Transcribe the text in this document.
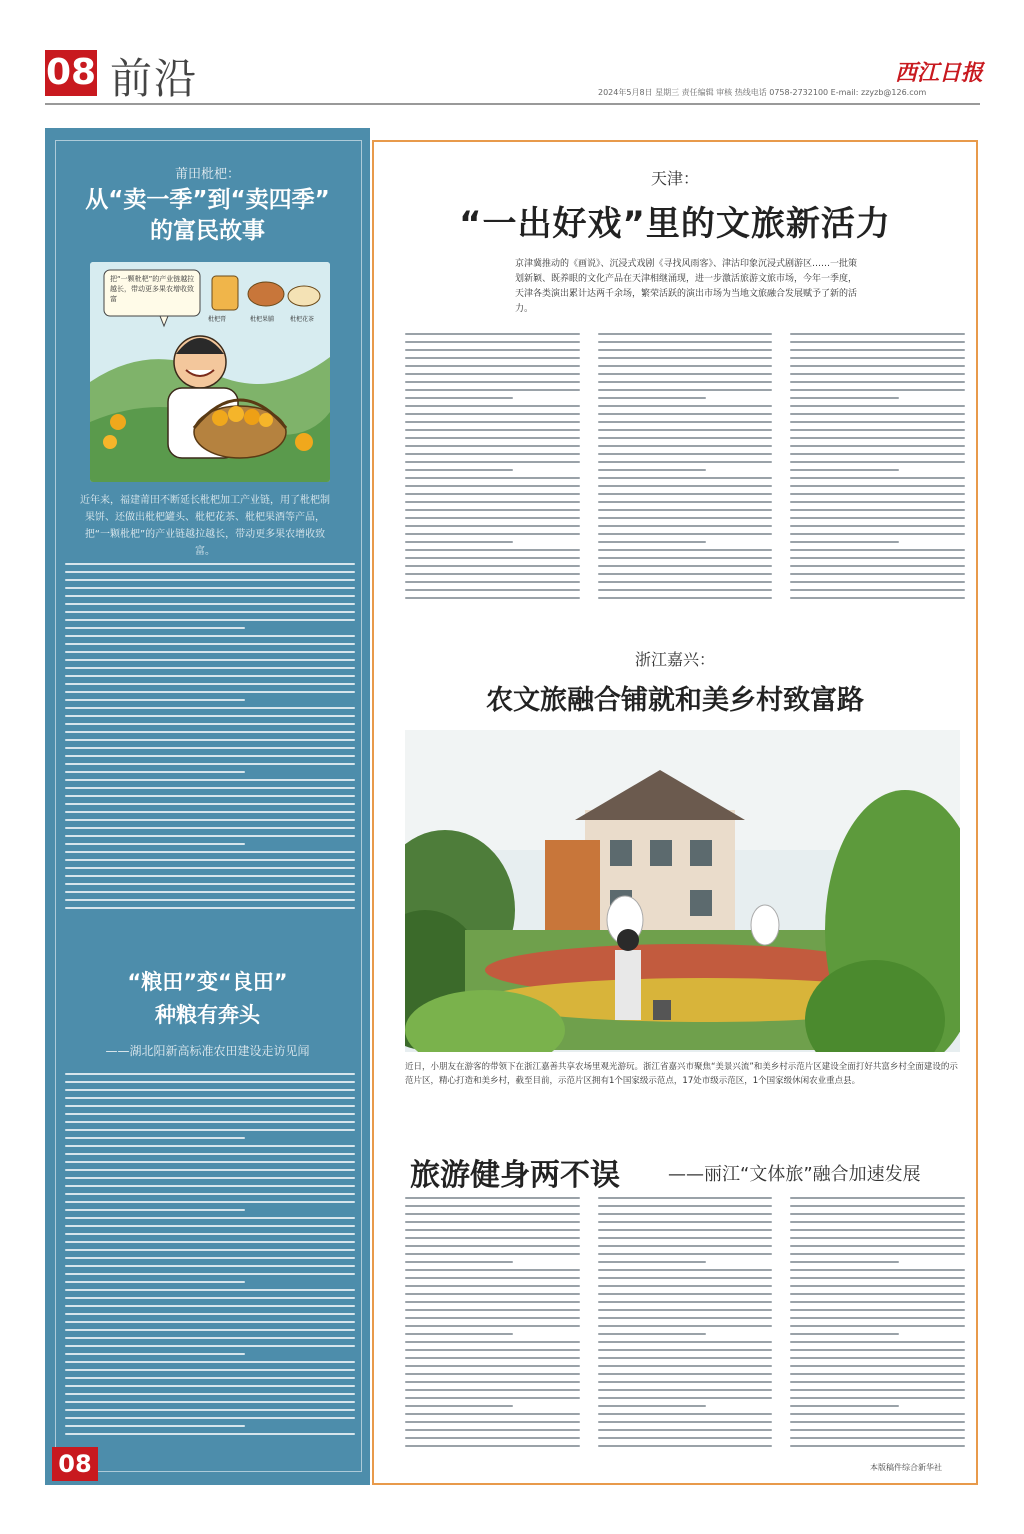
08 前沿	西江日报
2024年5月8日 星期三 责任编辑 审核 热线电话 0758-2732100 E-mail: zzyzb@126.com
莆田枇杷：
从“卖一季”到“卖四季”
的富民故事
把“一颗枇杷”的产业链越拉越长，带动更多果农增收致富
枇杷膏	枇杷果脯	枇杷花茶
近年来，福建莆田不断延长枇杷加工产业链，用了枇杷制果饼、还做出枇杷罐头、枇杷花茶、枇杷果酒等产品，把“一颗枇杷”的产业链越拉越长，带动更多果农增收致富。
“粮田”变“良田”
种粮有奔头
——湖北阳新高标准农田建设走访见闻
08
天津：
“一出好戏”里的文旅新活力
京津冀推动的《画说》、沉浸式戏剧《寻找风雨客》、津沽印象沉浸式剧游区……一批策划新颖、既养眼的文化产品在天津相继涌现，进一步激活旅游文旅市场，今年一季度，天津各类演出累计达两千余场，繁荣活跃的演出市场为当地文旅融合发展赋予了新的活力。
浙江嘉兴：
农文旅融合铺就和美乡村致富路
近日，小朋友在游客的带领下在浙江嘉善共享农场里观光游玩。浙江省嘉兴市聚焦“美景兴流”和美乡村示范片区建设全面打好共富乡村全面建设的示范片区，精心打造和美乡村，截至目前，示范片区拥有1个国家级示范点，17处市级示范区，1个国家级休闲农业重点县。
旅游健身两不误	——丽江“文体旅”融合加速发展
本版稿件综合新华社
